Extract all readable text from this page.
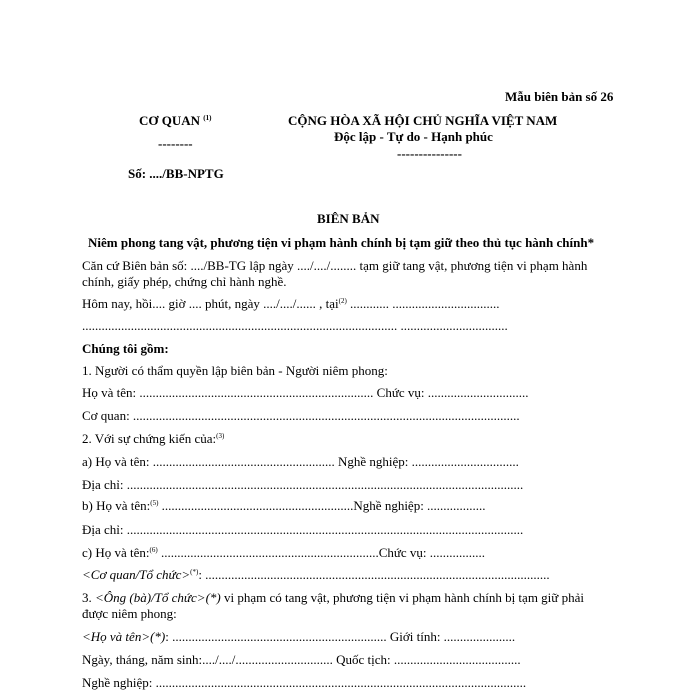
Mẫu biên bản số 26
CƠ QUAN $^{(1)}$
--------
CỘNG HÒA XÃ HỘI CHỦ NGHĨA VIỆT NAM
Độc lập - Tự do - Hạnh phúc
---------------
Số: ..../BB-NPTG
BIÊN BẢN
Niêm phong tang vật, phương tiện vi phạm hành chính bị tạm giữ theo thủ tục hành chính*
Căn cứ Biên bản số: ..../BB-TG lập ngày ..../..../........ tạm giữ tang vật, phương tiện vi phạm hành
chính, giấy phép, chứng chỉ hành nghề.
Hôm nay, hồi.... giờ .... phút, ngày ..../..../...... , tại$^{(2)}$ ............ .................................
................................................................................................. .................................
Chúng tôi gồm:
1. Người có thẩm quyền lập biên bản - Người niêm phong:
Họ và tên: ........................................................................ Chức vụ: ...............................
Cơ quan: .......................................................................................................................
2. Với sự chứng kiến của:$^{(3)}$
a) Họ và tên: ........................................................ Nghề nghiệp: .................................
Địa chỉ: ..........................................................................................................................
b) Họ và tên:$^{(5)}$ ...........................................................Nghề nghiệp: ..................
Địa chỉ: ..........................................................................................................................
c) Họ và tên:$^{(6)}$ ...................................................................Chức vụ: .................
<Cơ quan/Tổ chức>(*): ..........................................................................................................
3. <Ông (bà)/Tổ chức>(*) vi phạm có tang vật, phương tiện vi phạm hành chính bị tạm giữ phải
được niêm phong:
<Họ và tên>(*): .................................................................. Giới tính: ......................
Ngày, tháng, năm sinh:..../..../.............................. Quốc tịch: .......................................
Nghề nghiệp: ..................................................................................................................
